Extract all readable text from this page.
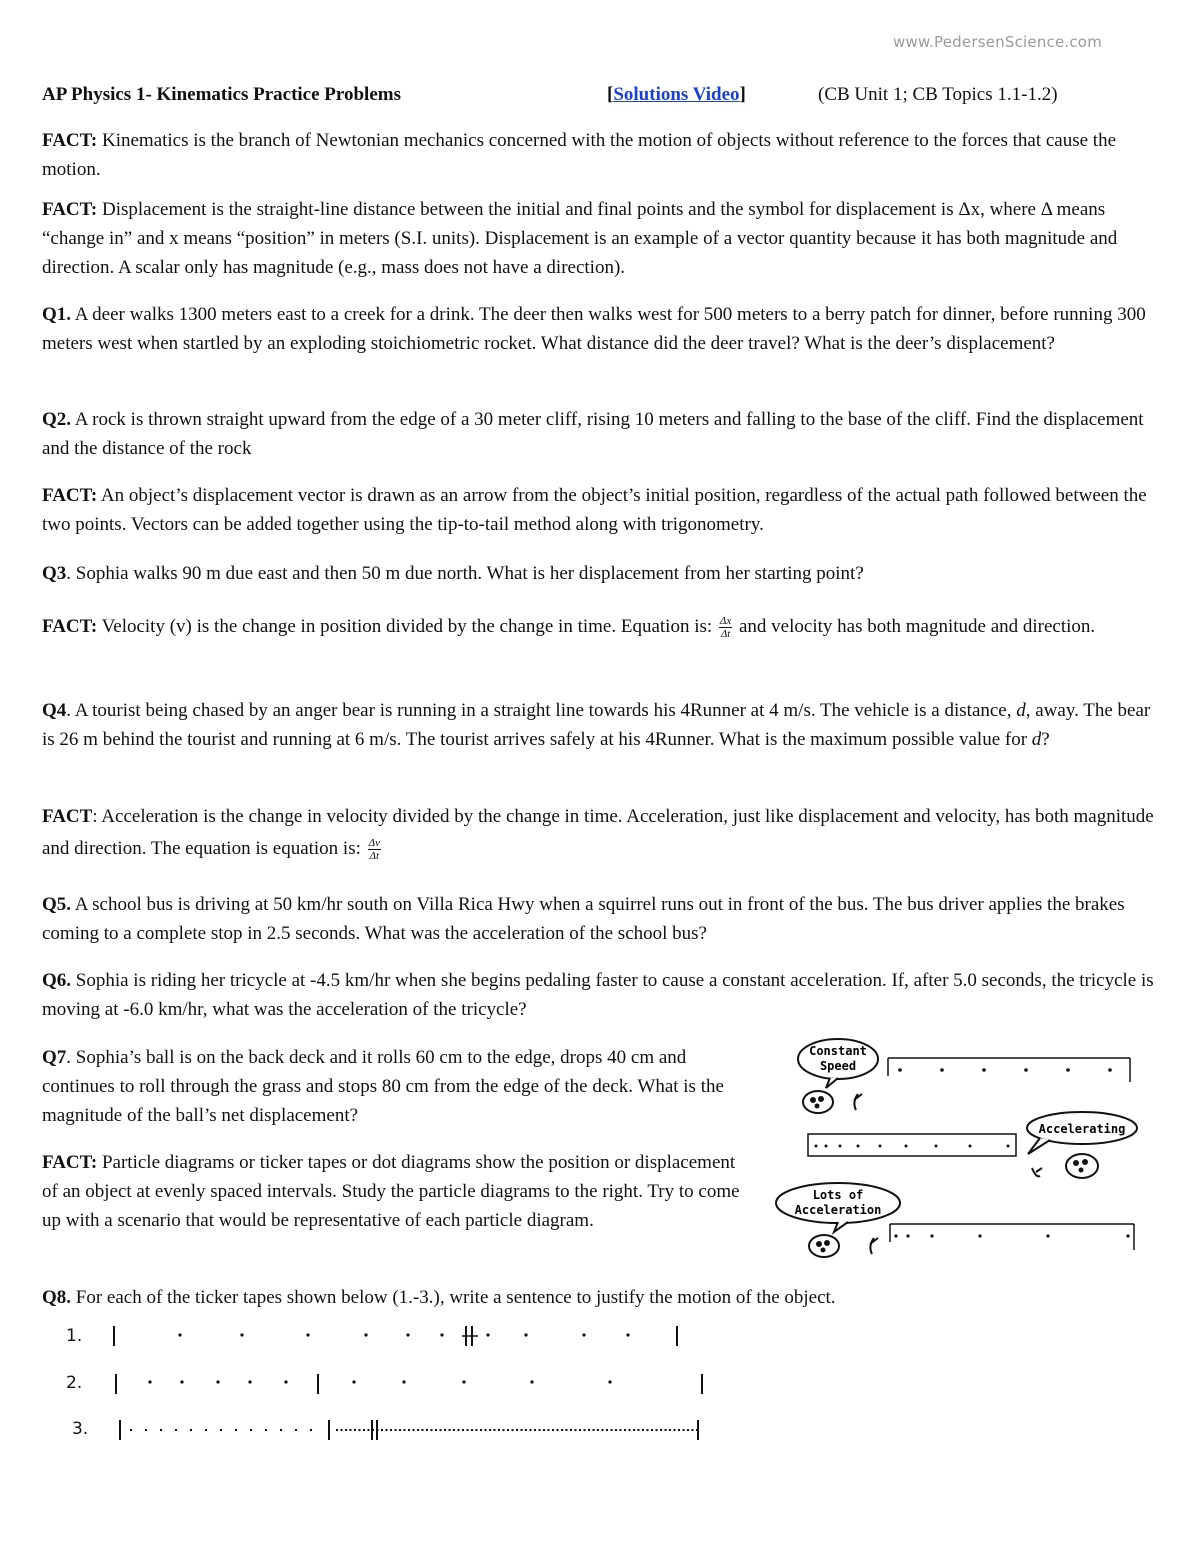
www.PedersenScience.com
AP Physics 1- Kinematics Practice Problems	[Solutions Video]	(CB Unit 1; CB Topics 1.1-1.2)
FACT: Kinematics is the branch of Newtonian mechanics concerned with the motion of objects without reference to the forces that cause the motion.
FACT: Displacement is the straight-line distance between the initial and final points and the symbol for displacement is Δx, where Δ means “change in” and x means “position” in meters (S.I. units). Displacement is an example of a vector quantity because it has both magnitude and direction. A scalar only has magnitude (e.g., mass does not have a direction).
Q1. A deer walks 1300 meters east to a creek for a drink. The deer then walks west for 500 meters to a berry patch for dinner, before running 300 meters west when startled by an exploding stoichiometric rocket. What distance did the deer travel? What is the deer’s displacement?
Q2. A rock is thrown straight upward from the edge of a 30 meter cliff, rising 10 meters and falling to the base of the cliff. Find the displacement and the distance of the rock
FACT: An object’s displacement vector is drawn as an arrow from the object’s initial position, regardless of the actual path followed between the two points. Vectors can be added together using the tip-to-tail method along with trigonometry.
Q3. Sophia walks 90 m due east and then 50 m due north. What is her displacement from her starting point?
FACT: Velocity (v) is the change in position divided by the change in time. Equation is: $\frac{\Delta x}{\Delta t}$ and velocity has both magnitude and direction.
Q4. A tourist being chased by an anger bear is running in a straight line towards his 4Runner at 4 m/s. The vehicle is a distance, d, away. The bear is 26 m behind the tourist and running at 6 m/s. The tourist arrives safely at his 4Runner. What is the maximum possible value for d?
FACT: Acceleration is the change in velocity divided by the change in time. Acceleration, just like displacement and velocity, has both magnitude and direction. The equation is equation is: $\frac{\Delta v}{\Delta t}$
Q5. A school bus is driving at 50 km/hr south on Villa Rica Hwy when a squirrel runs out in front of the bus. The bus driver applies the brakes coming to a complete stop in 2.5 seconds. What was the acceleration of the school bus?
Q6. Sophia is riding her tricycle at -4.5 km/hr when she begins pedaling faster to cause a constant acceleration. If, after 5.0 seconds, the tricycle is moving at -6.0 km/hr, what was the acceleration of the tricycle?
Q7. Sophia’s ball is on the back deck and it rolls 60 cm to the edge, drops 40 cm and continues to roll through the grass and stops 80 cm from the edge of the deck. What is the magnitude of the ball’s net displacement?
FACT: Particle diagrams or ticker tapes or dot diagrams show the position or displacement of an object at evenly spaced intervals. Study the particle diagrams to the right. Try to come up with a scenario that would be representative of each particle diagram.
Q8. For each of the ticker tapes shown below (1.-3.), write a sentence to justify the motion of the object.
Constant
Speed
Accelerating
Lots of
Acceleration
1.
2.
3.
